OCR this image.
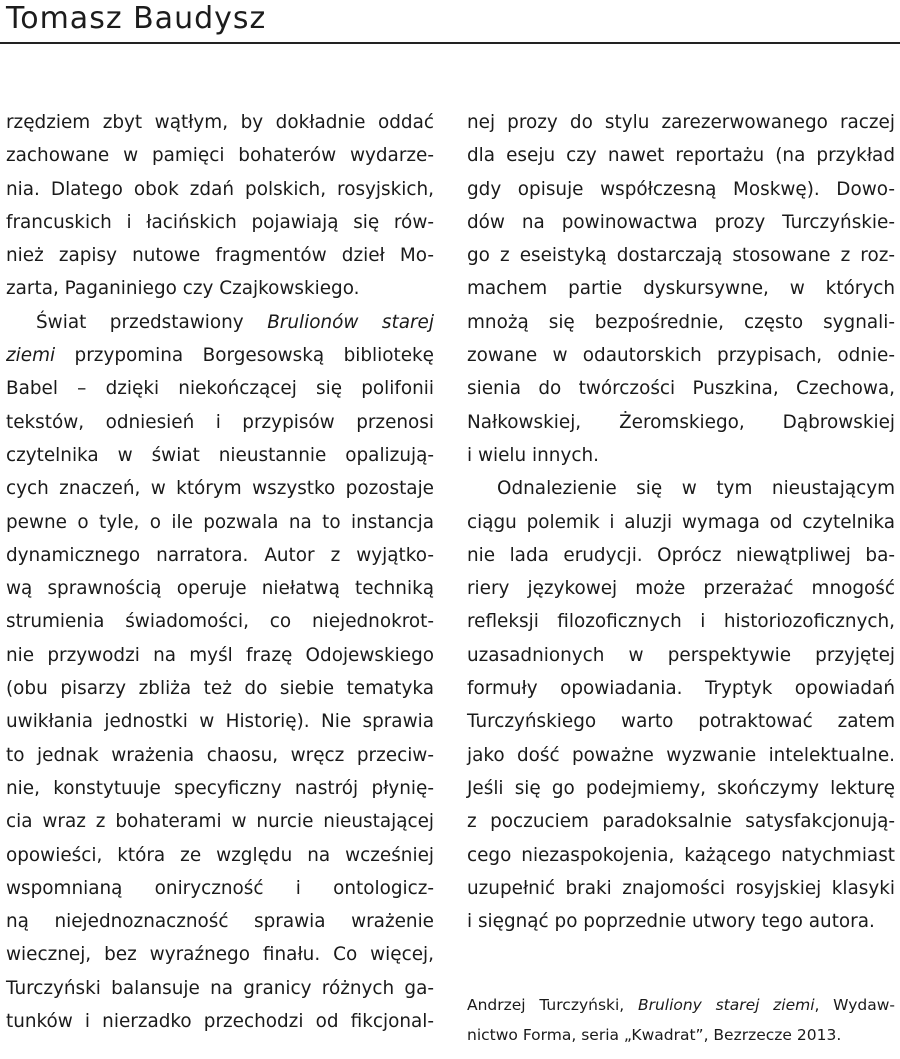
Tomasz Baudysz
rzędziem zbyt wątłym, by dokładnie oddać
zachowane w pamięci bohaterów wydarze-
nia. Dlatego obok zdań polskich, rosyjskich,
francuskich i łacińskich pojawiają się rów-
nież zapisy nutowe fragmentów dzieł Mo-
zarta, Paganiniego czy Czajkowskiego.
Świat przedstawiony Brulionów starej
ziemi przypomina Borgesowską bibliotekę
Babel – dzięki niekończącej się polifonii
tekstów, odniesień i przypisów przenosi
czytelnika w świat nieustannie opalizują-
cych znaczeń, w którym wszystko pozostaje
pewne o tyle, o ile pozwala na to instancja
dynamicznego narratora. Autor z wyjątko-
wą sprawnością operuje niełatwą techniką
strumienia świadomości, co niejednokrot-
nie przywodzi na myśl frazę Odojewskiego
(obu pisarzy zbliża też do siebie tematyka
uwikłania jednostki w Historię). Nie sprawia
to jednak wrażenia chaosu, wręcz przeciw-
nie, konstytuuje specyficzny nastrój płynię-
cia wraz z bohaterami w nurcie nieustającej
opowieści, która ze względu na wcześniej
wspomnianą oniryczność i ontologicz-
ną niejednoznaczność sprawia wrażenie
wiecznej, bez wyraźnego finału. Co więcej,
Turczyński balansuje na granicy różnych ga-
tunków i nierzadko przechodzi od fikcjonal-
nej prozy do stylu zarezerwowanego raczej
dla eseju czy nawet reportażu (na przykład
gdy opisuje współczesną Moskwę). Dowo-
dów na powinowactwa prozy Turczyńskie-
go z eseistyką dostarczają stosowane z roz-
machem partie dyskursywne, w których
mnożą się bezpośrednie, często sygnali-
zowane w odautorskich przypisach, odnie-
sienia do twórczości Puszkina, Czechowa,
Nałkowskiej, Żeromskiego, Dąbrowskiej
i wielu innych.
Odnalezienie się w tym nieustającym
ciągu polemik i aluzji wymaga od czytelnika
nie lada erudycji. Oprócz niewątpliwej ba-
riery językowej może przerażać mnogość
refleksji filozoficznych i historiozoficznych,
uzasadnionych w perspektywie przyjętej
formuły opowiadania. Tryptyk opowiadań
Turczyńskiego warto potraktować zatem
jako dość poważne wyzwanie intelektualne.
Jeśli się go podejmiemy, skończymy lekturę
z poczuciem paradoksalnie satysfakcjonują-
cego niezaspokojenia, każącego natychmiast
uzupełnić braki znajomości rosyjskiej klasyki
i sięgnąć po poprzednie utwory tego autora.
Andrzej Turczyński, Bruliony starej ziemi, Wydaw-
nictwo Forma, seria „Kwadrat”, Bezrzecze 2013.
